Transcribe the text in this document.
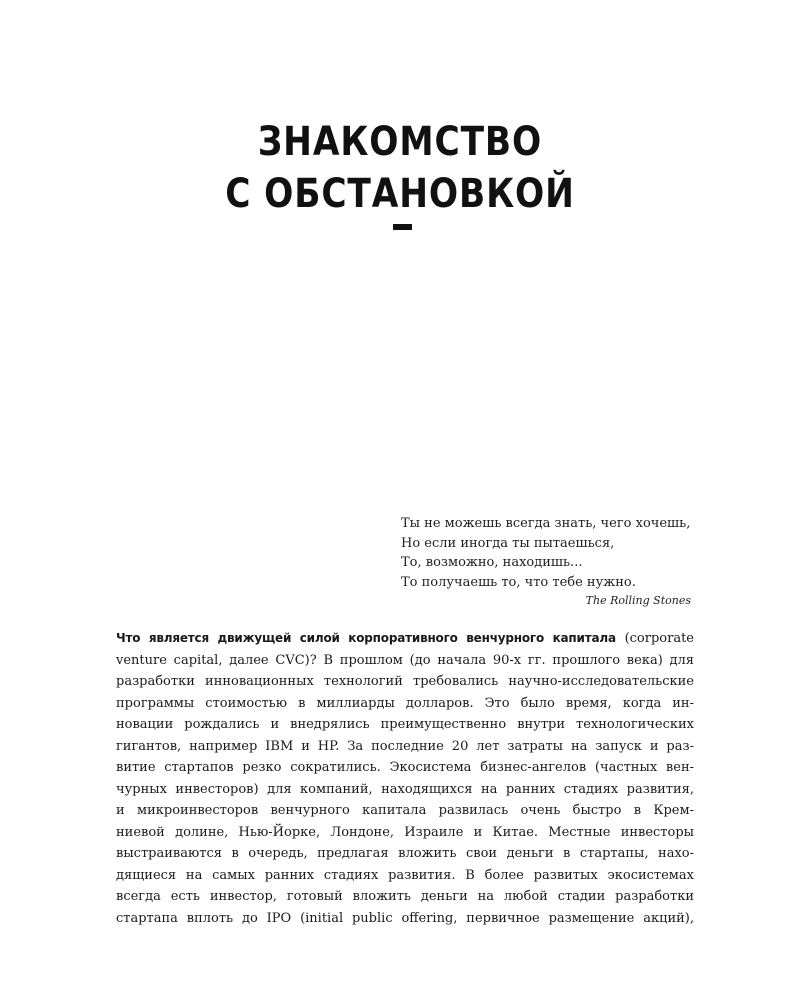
ЗНАКОМСТВО
С ОБСТАНОВКОЙ
Ты не можешь всегда знать, чего хочешь,
Но если иногда ты пытаешься,
То, возможно, находишь...
То получаешь то, что тебе нужно.
The Rolling Stones
Что является движущей силой корпоративного венчурного капитала (corporate
venture capital, далее CVC)? В прошлом (до начала 90-х гг. прошлого века) для
разработки инновационных технологий требовались научно-исследовательские
программы стоимостью в миллиарды долларов. Это было время, когда ин-
новации рождались и внедрялись преимущественно внутри технологических
гигантов, например IBM и HP. За последние 20 лет затраты на запуск и раз-
витие стартапов резко сократились. Экосистема бизнес-ангелов (частных вен-
чурных инвесторов) для компаний, находящихся на ранних стадиях развития,
и микроинвесторов венчурного капитала развилась очень быстро в Крем-
ниевой долине, Нью-Йорке, Лондоне, Израиле и Китае. Местные инвесторы
выстраиваются в очередь, предлагая вложить свои деньги в стартапы, нахо-
дящиеся на самых ранних стадиях развития. В более развитых экосистемах
всегда есть инвестор, готовый вложить деньги на любой стадии разработки
стартапа вплоть до IPO (initial public offering, первичное размещение акций),
